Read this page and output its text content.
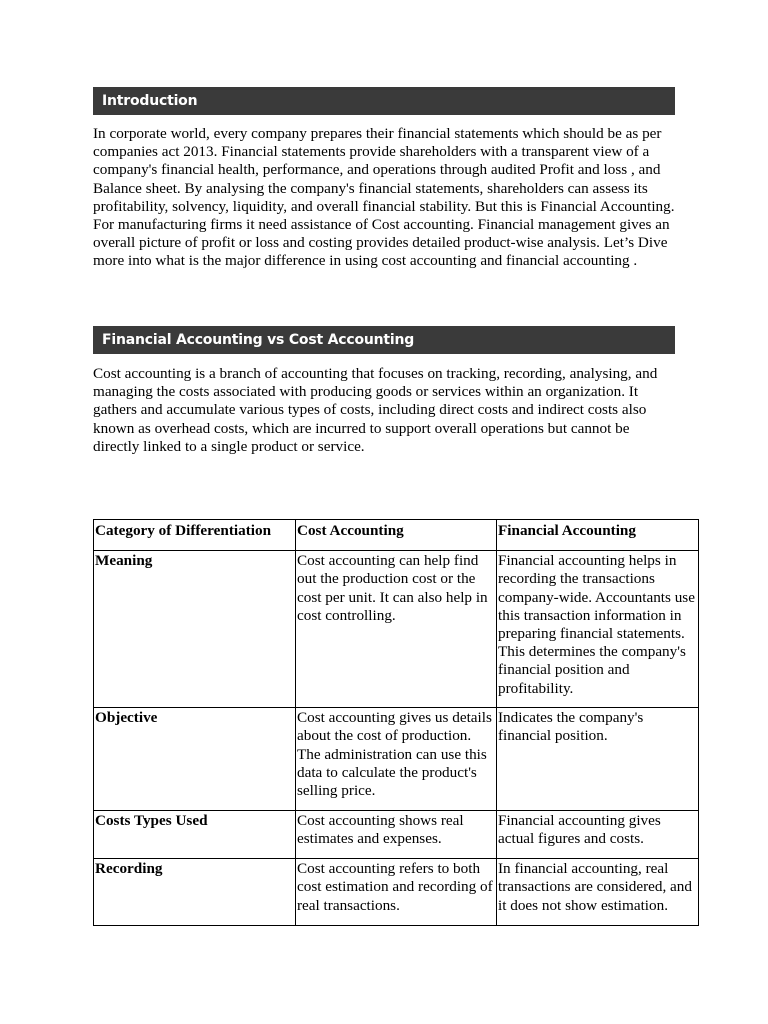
Introduction

In corporate world, every company prepares their financial statements which should be as per companies act 2013. Financial statements provide shareholders with a transparent view of a company's financial health, performance, and operations through audited Profit and loss , and Balance sheet. By analysing the company's financial statements, shareholders can assess its profitability, solvency, liquidity, and overall financial stability. But this is Financial Accounting. For manufacturing firms it need assistance of Cost accounting. Financial management gives an overall picture of profit or loss and costing provides detailed product-wise analysis. Let’s Dive more into what is the major difference in using cost accounting and financial accounting .

Financial Accounting vs Cost Accounting

Cost accounting is a branch of accounting that focuses on tracking, recording, analysing, and managing the costs associated with producing goods or services within an organization. It gathers and accumulate various types of costs, including direct costs and indirect costs also known as overhead costs, which are incurred to support overall operations but cannot be directly linked to a single product or service.

Category of Differentiation	Cost Accounting	Financial Accounting
Meaning	Cost accounting can help find out the production cost or the cost per unit. It can also help in cost controlling.	Financial accounting helps in recording the transactions company-wide. Accountants use this transaction information in preparing financial statements. This determines the company's financial position and profitability.
Objective	Cost accounting gives us details about the cost of production. The administration can use this data to calculate the product's selling price.	Indicates the company's financial position.
Costs Types Used	Cost accounting shows real estimates and expenses.	Financial accounting gives actual figures and costs.
Recording	Cost accounting refers to both cost estimation and recording of real transactions.	In financial accounting, real transactions are considered, and it does not show estimation.
